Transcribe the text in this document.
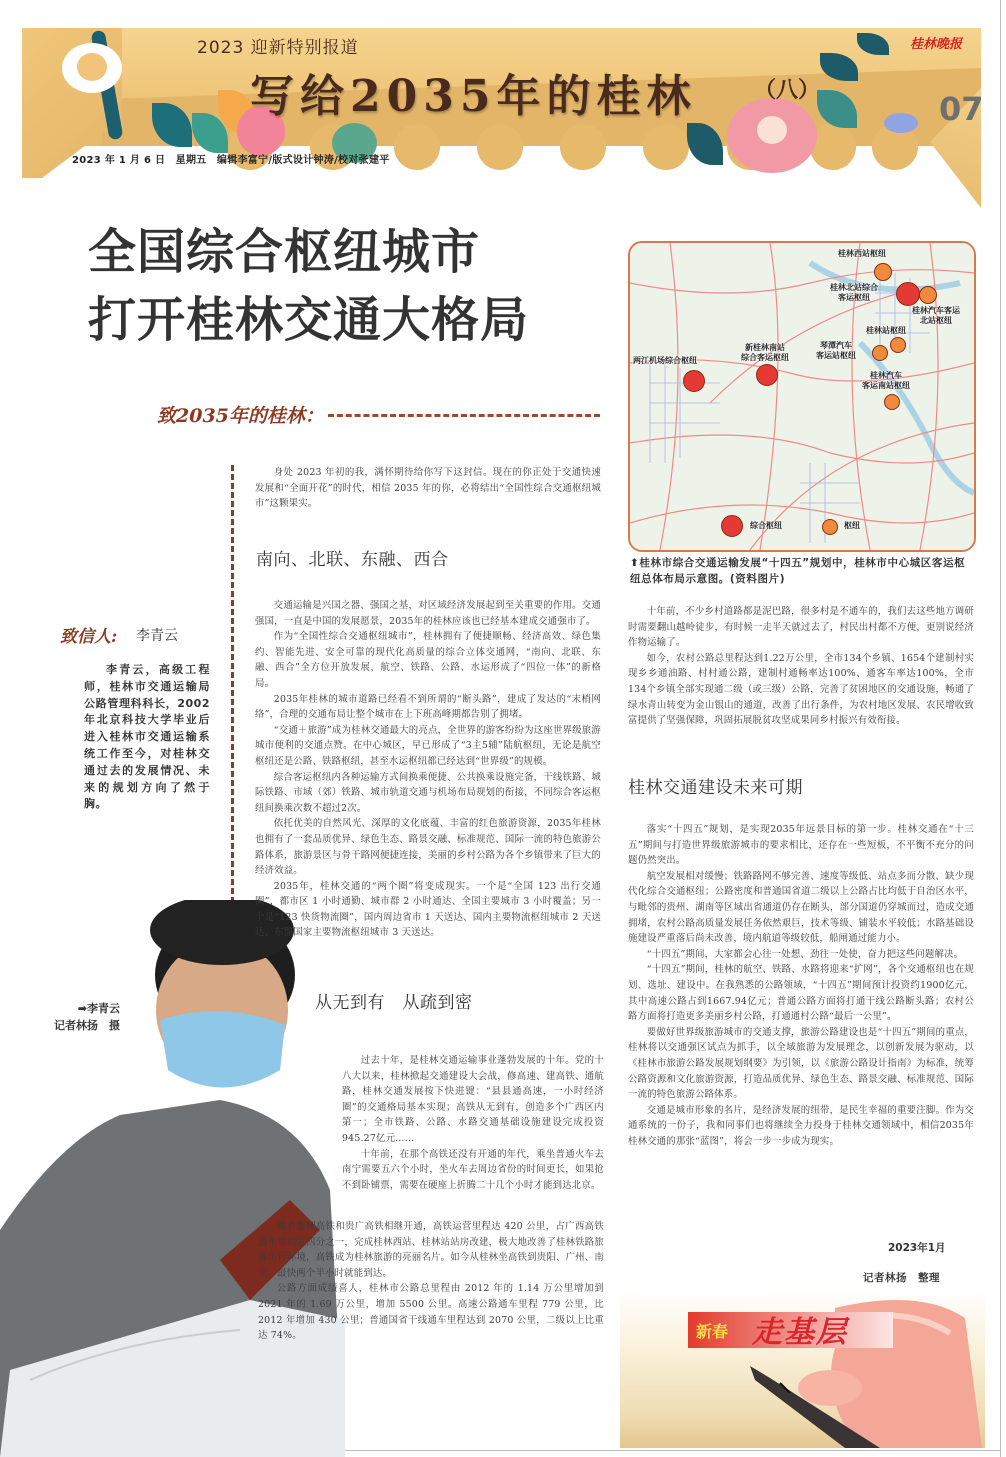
2023 迎新特别报道
写给2035年的桂林	（八）
桂林晚报
07
2023 年 1 月 6 日　星期五　编辑李富宁/版式设计钟涛/校对张建平
全国综合枢纽城市
打开桂林交通大格局
致2035年的桂林：
致信人: 李青云
李青云，高级工程师，桂林市交通运输局公路管理科科长，2002年北京科技大学毕业后进入桂林市交通运输系统工作至今，对桂林交通过去的发展情况、未来的规划方向了然于胸。
➡李青云
记者林扬　摄

身处 2023 年初的我，满怀期待给你写下这封信。现在的你正处于交通快速发展和“全面开花”的时代，相信 2035 年的你，必将结出“全国性综合交通枢纽城市”这颗果实。

南向、北联、东融、西合

交通运输是兴国之器、强国之基，对区域经济发展起到至关重要的作用。交通强国，一直是中国的发展愿景，2035年的桂林应该也已经基本建成交通强市了。

作为“全国性综合交通枢纽城市”，桂林拥有了便捷顺畅、经济高效、绿色集约、智能先进、安全可靠的现代化高质量的综合立体交通网，“南向、北联、东融、西合”全方位开放发展，航空、铁路、公路、水运形成了“四位一体”的新格局。

2035年桂林的城市道路已经看不到所谓的“断头路”，建成了发达的“末梢网络”，合理的交通布局让整个城市在上下班高峰期都告别了拥堵。

“交通＋旅游”成为桂林交通最大的亮点，全世界的游客纷纷为这座世界级旅游城市便利的交通点赞。在中心城区，早已形成了“3主5辅”陆航枢纽，无论是航空枢纽还是公路、铁路枢纽，甚至水运枢纽都已经达到“世界级”的规模。

综合客运枢纽内各种运输方式间换乘便捷、公共换乘设施完备，干线铁路、城际铁路、市域（郊）铁路、城市轨道交通与机场布局规划的衔接，不同综合客运枢纽间换乘次数不超过2次。

依托优美的自然风光、深厚的文化底蕴、丰富的红色旅游资源，2035年桂林也拥有了一套品质优异、绿色生态、路景交融、标准规范、国际一流的特色旅游公路体系，旅游景区与骨干路网便捷连接，美丽的乡村公路为各个乡镇带来了巨大的经济效益。

2035年，桂林交通的“两个圈”将变成现实。一个是“全国 123 出行交通圈”，都市区 1 小时通勤、城市群 2 小时通达、全国主要城市 3 小时覆盖；另一个是“123 快货物流圈”，国内周边省市 1 天送达、国内主要物流枢纽城市 2 天送达、东盟国家主要物流枢纽城市 3 天送达。

从无到有　从疏到密

过去十年，是桂林交通运输事业蓬勃发展的十年。党的十八大以来，桂林掀起交通建设大会战，修高速、建高铁、通航路，桂林交通发展按下快进键：“县县通高速，一小时经济圈”的交通格局基本实现；高铁从无到有，创造多个广西区内第一；全市铁路、公路、水路交通基础设施建设完成投资945.27亿元……

十年前，在那个高铁还没有开通的年代，乘坐普通火车去南宁需要五六个小时，坐火车去周边省份的时间更长，如果抢不到卧铺票，需要在硬座上折腾二十几个小时才能到达北京。

随着衡柳高铁和贵广高铁相继开通，高铁运营里程达 420 公里，占广西高铁通车里程近四分之一，完成桂林西站、桂林站站房改建，极大地改善了桂林铁路旅客出行环境，高铁成为桂林旅游的亮丽名片。如今从桂林坐高铁到贵阳、广州、南宁，最快两个半小时就能到达。

公路方面成绩喜人，桂林市公路总里程由 2012 年的 1.14 万公里增加到 2021 年的 1.69 万公里，增加 5500 公里。高速公路通车里程 779 公里，比 2012 年增加 430 公里；普通国省干线通车里程达到 2070 公里，二级以上比重达 74%。

桂林西站枢纽
桂林北站综合
客运枢纽
桂林汽车客运
北站枢纽
桂林站枢纽
琴潭汽车
客运站枢纽
新桂林南站
综合客运枢纽
两江机场综合枢纽
桂林汽车
客运南站枢纽
综合枢纽	枢纽
⬆桂林市综合交通运输发展“十四五”规划中，桂林市中心城区客运枢纽总体布局示意图。(资料图片)

十年前，不少乡村道路都是泥巴路，很多村是不通车的，我们去这些地方调研时需要翻山越岭徒步，有时候一走半天就过去了，村民出村都不方便，更别说经济作物运输了。

如今，农村公路总里程达到1.22万公里，全市134个乡镇、1654个建制村实现乡乡通油路、村村通公路，建制村通畅率达100%、通客车率达100%，全市134个乡镇全部实现通二级（或三级）公路，完善了贫困地区的交通设施，畅通了绿水青山转变为金山银山的通道，改善了出行条件，为农村地区发展、农民增收致富提供了坚强保障，巩固拓展脱贫攻坚成果同乡村振兴有效衔接。

桂林交通建设未来可期

落实“十四五”规划，是实现2035年远景目标的第一步。桂林交通在“十三五”期间与打造世界级旅游城市的要求相比，还存在一些短板，不平衡不充分的问题仍然突出。

航空发展相对缓慢；铁路路网不够完善、速度等级低、站点多而分散、缺少现代化综合交通枢纽；公路密度和普通国省道二级以上公路占比均低于自治区水平，与毗邻的贵州、湖南等区域出省通道仍存在断头，部分国道仍穿城而过，造成交通拥堵，农村公路高质量发展任务依然艰巨，技术等级、铺装水平较低；水路基础设施建设严重落后尚未改善，境内航道等级较低，船闸通过能力小。

“十四五”期间，大家都会心往一处想、劲往一处使，奋力把这些问题解决。

“十四五”期间，桂林的航空、铁路、水路将迎来“扩网”，各个交通枢纽也在规划、选址、建设中。在我熟悉的公路领域，“十四五”期间预计投资约1900亿元，其中高速公路占到1667.94亿元；普通公路方面将打通干线公路断头路；农村公路方面将打造更多美丽乡村公路，打通通村公路“最后一公里”。

要做好世界级旅游城市的交通支撑，旅游公路建设也是“十四五”期间的重点，桂林将以交通强区试点为抓手，以全域旅游为发展理念，以创新发展为驱动，以《桂林市旅游公路发展规划纲要》为引领，以《旅游公路设计指南》为标准，统筹公路资源和文化旅游资源，打造品质优异、绿色生态、路景交融、标准规范、国际一流的特色旅游公路体系。

交通是城市形象的名片，是经济发展的纽带，是民生幸福的重要注脚。作为交通系统的一份子，我和同事们也将继续全力投身于桂林交通领域中，相信2035年桂林交通的那张“蓝图”，将会一步一步成为现实。

2023年1月
记者林扬　整理
新春 走基层
